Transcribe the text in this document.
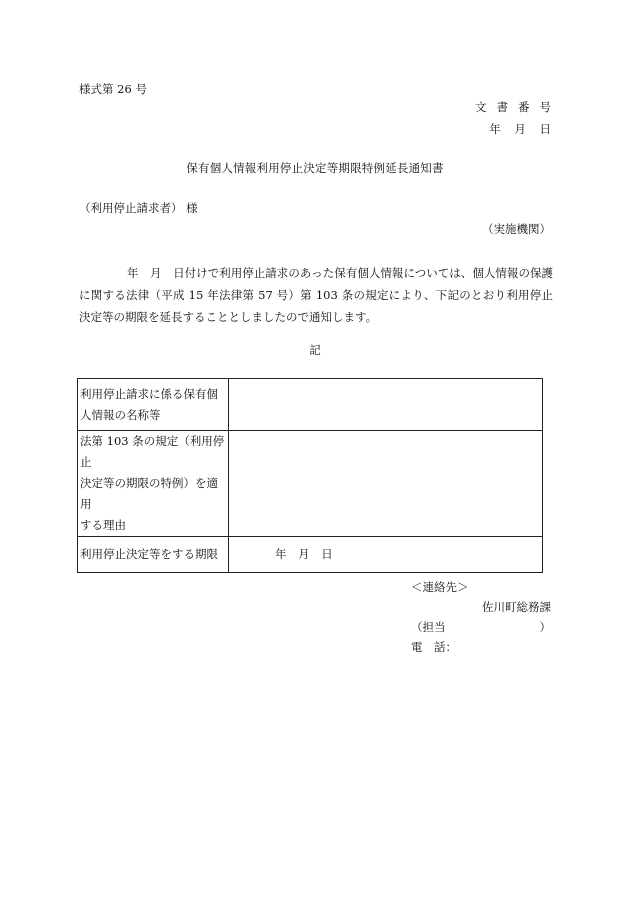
様式第 26 号
文書番号
年 月 日
保有個人情報利用停止決定等期限特例延長通知書
（利用停止請求者） 様
（実施機関）

年　月　日付けで利用停止請求のあった保有個人情報については、個人情報の保護に関する法律（平成 15 年法律第 57 号）第 103 条の規定により、下記のとおり利用停止決定等の期限を延長することとしましたので通知します。

記
利用停止請求に係る保有個
人情報の名称等	

法第 103 条の規定（利用停止
決定等の期限の特例）を適用
する理由	

利用停止決定等をする期限	年 月 日
＜連絡先＞
佐川町総務課
（担当	）
電　話：
